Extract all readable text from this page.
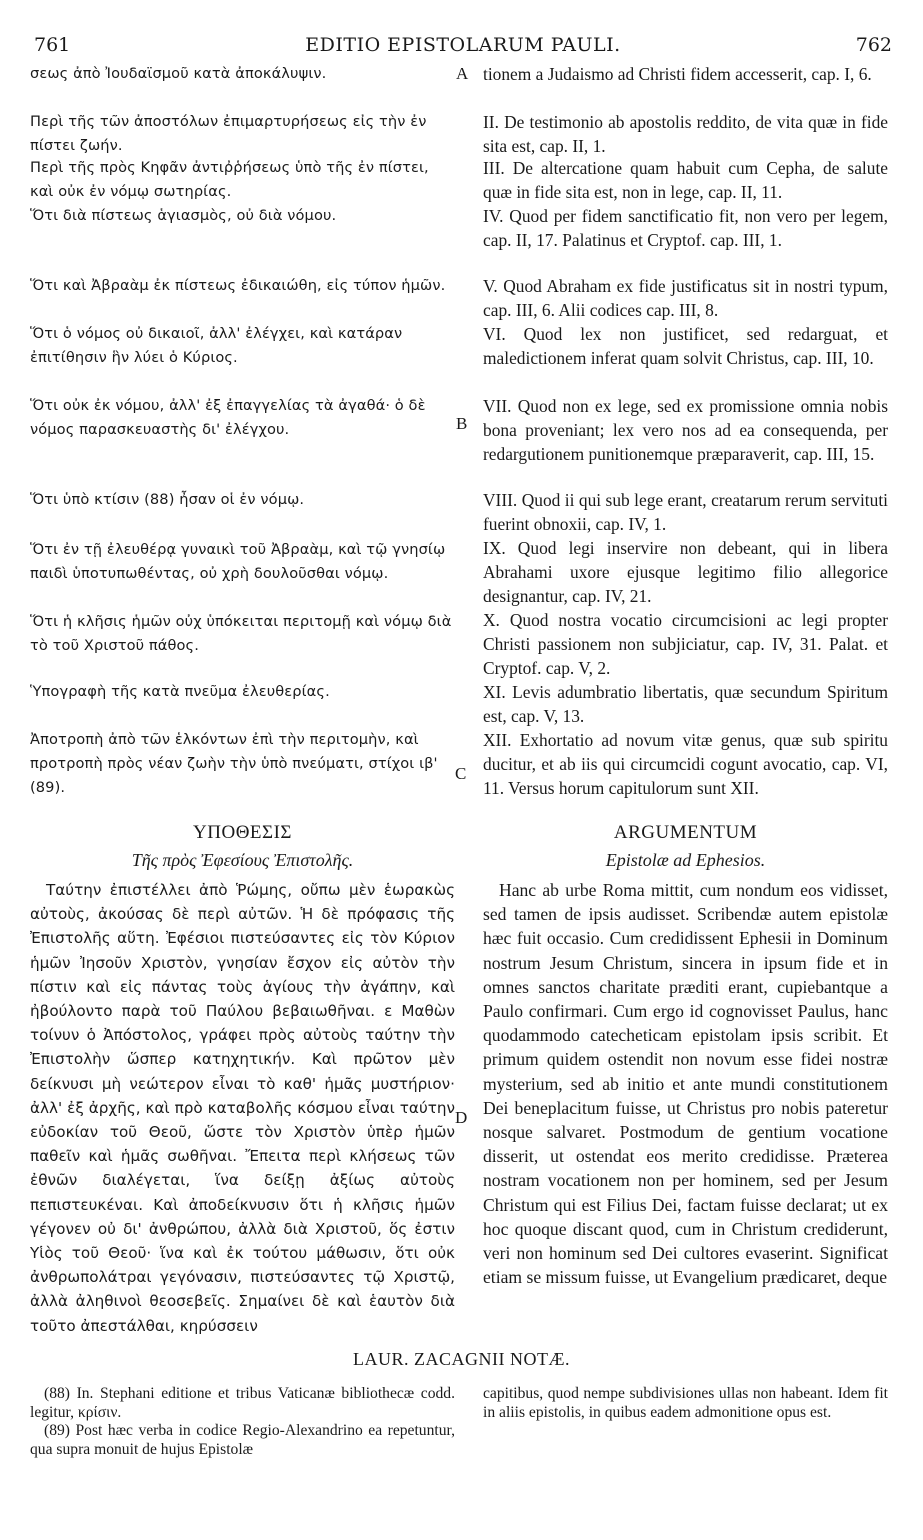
761	EDITIO EPISTOLARUM PAULI.	762
σεως ἀπὸ Ἰουδαϊσμοῦ κατὰ ἀποκάλυψιν.
Περὶ τῆς τῶν ἀποστόλων ἐπιμαρτυρήσεως εἰς τὴν ἐν πίστει ζωήν.
Περὶ τῆς πρὸς Κηφᾶν ἀντιῤῥήσεως ὑπὸ τῆς ἐν πίστει, καὶ οὐκ ἐν νόμῳ σωτηρίας.
Ὅτι διὰ πίστεως ἁγιασμὸς, οὐ διὰ νόμου.
Ὅτι καὶ Ἀβραὰμ ἐκ πίστεως ἐδικαιώθη, εἰς τύπον ἡμῶν.
Ὅτι ὁ νόμος οὐ δικαιοῖ, ἀλλ' ἐλέγχει, καὶ κατάραν ἐπιτίθησιν ἣν λύει ὁ Κύριος.
Ὅτι οὐκ ἐκ νόμου, ἀλλ' ἐξ ἐπαγγελίας τὰ ἀγαθά· ὁ δὲ νόμος παρασκευαστὴς δι' ἐλέγχου.
Ὅτι ὑπὸ κτίσιν (88) ἦσαν οἱ ἐν νόμῳ.
Ὅτι ἐν τῇ ἐλευθέρᾳ γυναικὶ τοῦ Ἀβραὰμ, καὶ τῷ γνησίῳ παιδὶ ὑποτυπωθέντας, οὐ χρὴ δουλοῦσθαι νόμῳ.
Ὅτι ἡ κλῆσις ἡμῶν οὐχ ὑπόκειται περιτομῇ καὶ νόμῳ διὰ τὸ τοῦ Χριστοῦ πάθος.
Ὑπογραφὴ τῆς κατὰ πνεῦμα ἐλευθερίας.
Ἀποτροπὴ ἀπὸ τῶν ἑλκόντων ἐπὶ τὴν περιτομὴν, καὶ προτροπὴ πρὸς νέαν ζωὴν τὴν ὑπὸ πνεύματι, στίχοι ιβ' (89).
tionem a Judaismo ad Christi fidem accesserit, cap. I, 6.
II. De testimonio ab apostolis reddito, de vita quæ in fide sita est, cap. II, 1.
III. De altercatione quam habuit cum Cepha, de salute quæ in fide sita est, non in lege, cap. II, 11.
IV. Quod per fidem sanctificatio fit, non vero per legem, cap. II, 17. Palatinus et Cryptof. cap. III, 1.
V. Quod Abraham ex fide justificatus sit in nostri typum, cap. III, 6. Alii codices cap. III, 8.
VI. Quod lex non justificet, sed redarguat, et maledictionem inferat quam solvit Christus, cap. III, 10.
VII. Quod non ex lege, sed ex promissione omnia nobis bona proveniant; lex vero nos ad ea consequenda, per redargutionem punitionemque præparaverit, cap. III, 15.
VIII. Quod ii qui sub lege erant, creatarum rerum servituti fuerint obnoxii, cap. IV, 1.
IX. Quod legi inservire non debeant, qui in libera Abrahami uxore ejusque legitimo filio allegorice designantur, cap. IV, 21.
X. Quod nostra vocatio circumcisioni ac legi propter Christi passionem non subjiciatur, cap. IV, 31. Palat. et Cryptof. cap. V, 2.
XI. Levis adumbratio libertatis, quæ secundum Spiritum est, cap. V, 13.
XII. Exhortatio ad novum vitæ genus, quæ sub spiritu ducitur, et ab iis qui circumcidi cogunt avocatio, cap. VI, 11. Versus horum capitulorum sunt XII.
A
B
C
D
ΥΠΟΘΕΣΙΣ
Τῆς πρὸς Ἐφεσίους Ἐπιστολῆς.
Ταύτην ἐπιστέλλει ἀπὸ Ῥώμης, οὔπω μὲν ἑωρακὼς αὐτοὺς, ἀκούσας δὲ περὶ αὐτῶν. Ἡ δὲ πρόφασις τῆς Ἐπιστολῆς αὕτη. Ἐφέσιοι πιστεύσαντες εἰς τὸν Κύριον ἡμῶν Ἰησοῦν Χριστὸν, γνησίαν ἔσχον εἰς αὐτὸν τὴν πίστιν καὶ εἰς πάντας τοὺς ἁγίους τὴν ἀγάπην, καὶ ἠβούλοντο παρὰ τοῦ Παύλου βεβαιωθῆναι. ε Μαθὼν τοίνυν ὁ Ἀπόστολος, γράφει πρὸς αὐτοὺς ταύτην τὴν Ἐπιστολὴν ὥσπερ κατηχητικήν. Καὶ πρῶτον μὲν δείκνυσι μὴ νεώτερον εἶναι τὸ καθ' ἡμᾶς μυστήριον· ἀλλ' ἐξ ἀρχῆς, καὶ πρὸ καταβολῆς κόσμου εἶναι ταύτην εὐδοκίαν τοῦ Θεοῦ, ὥστε τὸν Χριστὸν ὑπὲρ ἡμῶν παθεῖν καὶ ἡμᾶς σωθῆναι. Ἔπειτα περὶ κλήσεως τῶν ἐθνῶν διαλέγεται, ἵνα δείξῃ ἀξίως αὐτοὺς πεπιστευκέναι. Καὶ ἀποδείκνυσιν ὅτι ἡ κλῆσις ἡμῶν γέγονεν οὐ δι' ἀνθρώπου, ἀλλὰ διὰ Χριστοῦ, ὅς ἐστιν Υἱὸς τοῦ Θεοῦ· ἵνα καὶ ἐκ τούτου μάθωσιν, ὅτι οὐκ ἀνθρωπολάτραι γεγόνασιν, πιστεύσαντες τῷ Χριστῷ, ἀλλὰ ἀληθινοὶ θεοσεβεῖς. Σημαίνει δὲ καὶ ἑαυτὸν διὰ τοῦτο ἀπεστάλθαι, κηρύσσειν
ARGUMENTUM
Epistolæ ad Ephesios.
Hanc ab urbe Roma mittit, cum nondum eos vidisset, sed tamen de ipsis audisset. Scribendæ autem epistolæ hæc fuit occasio. Cum credidissent Ephesii in Dominum nostrum Jesum Christum, sincera in ipsum fide et in omnes sanctos charitate præditi erant, cupiebantque a Paulo confirmari. Cum ergo id cognovisset Paulus, hanc quodammodo catecheticam epistolam ipsis scribit. Et primum quidem ostendit non novum esse fidei nostræ mysterium, sed ab initio et ante mundi constitutionem Dei beneplacitum fuisse, ut Christus pro nobis pateretur nosque salvaret. Postmodum de gentium vocatione disserit, ut ostendat eos merito credidisse. Præterea nostram vocationem non per hominem, sed per Jesum Christum qui est Filius Dei, factam fuisse declarat; ut ex hoc quoque discant quod, cum in Christum crediderunt, veri non hominum sed Dei cultores evaserint. Significat etiam se missum fuisse, ut Evangelium prædicaret, deque
LAUR. ZACAGNII NOTÆ.
(88) In. Stephani editione et tribus Vaticanæ bibliothecæ codd. legitur, κρίσιν.
(89) Post hæc verba in codice Regio-Alexandrino ea repetuntur, qua supra monuit de hujus Epistolæ
capitibus, quod nempe subdivisiones ullas non habeant. Idem fit in aliis epistolis, in quibus eadem admonitione opus est.
